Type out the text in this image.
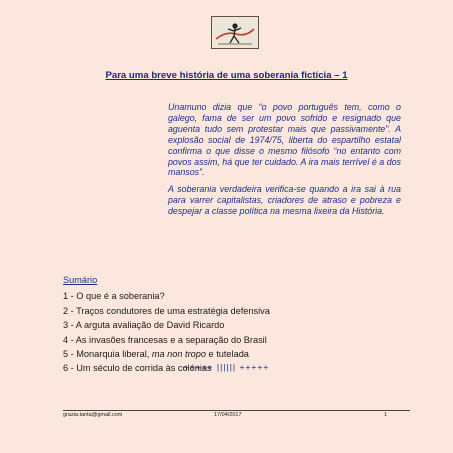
Para uma breve história de uma soberania fictícia – 1

Unamuno dizia que “o povo português tem, como o galego, fama de ser um povo sofrido e resignado que aguenta tudo sem protestar mais que passivamente”. A explosão social de 1974/75, liberta do espartilho estatal confirma o que disse o mesmo filósofo “no entanto com povos assim, há que ter cuidado. A ira mais terrível é a dos mansos”.

A soberania verdadeira verifica-se quando a ira sai à rua para varrer capitalistas, criadores de atraso e pobreza e despejar a classe política na mesma lixeira da História.

Sumário
1 - O que é a soberania?
2 - Traços condutores de uma estratégia defensiva
3 - A arguta avaliação de David Ricardo
4 - As invasões francesas e a separação do Brasil
5 - Monarquia liberal, ma non tropo e tutelada
6 - Um século de corrida às colónias
+++++ |||||| +++++
grazia.tanta@gmail.com	17/04/2017	1
